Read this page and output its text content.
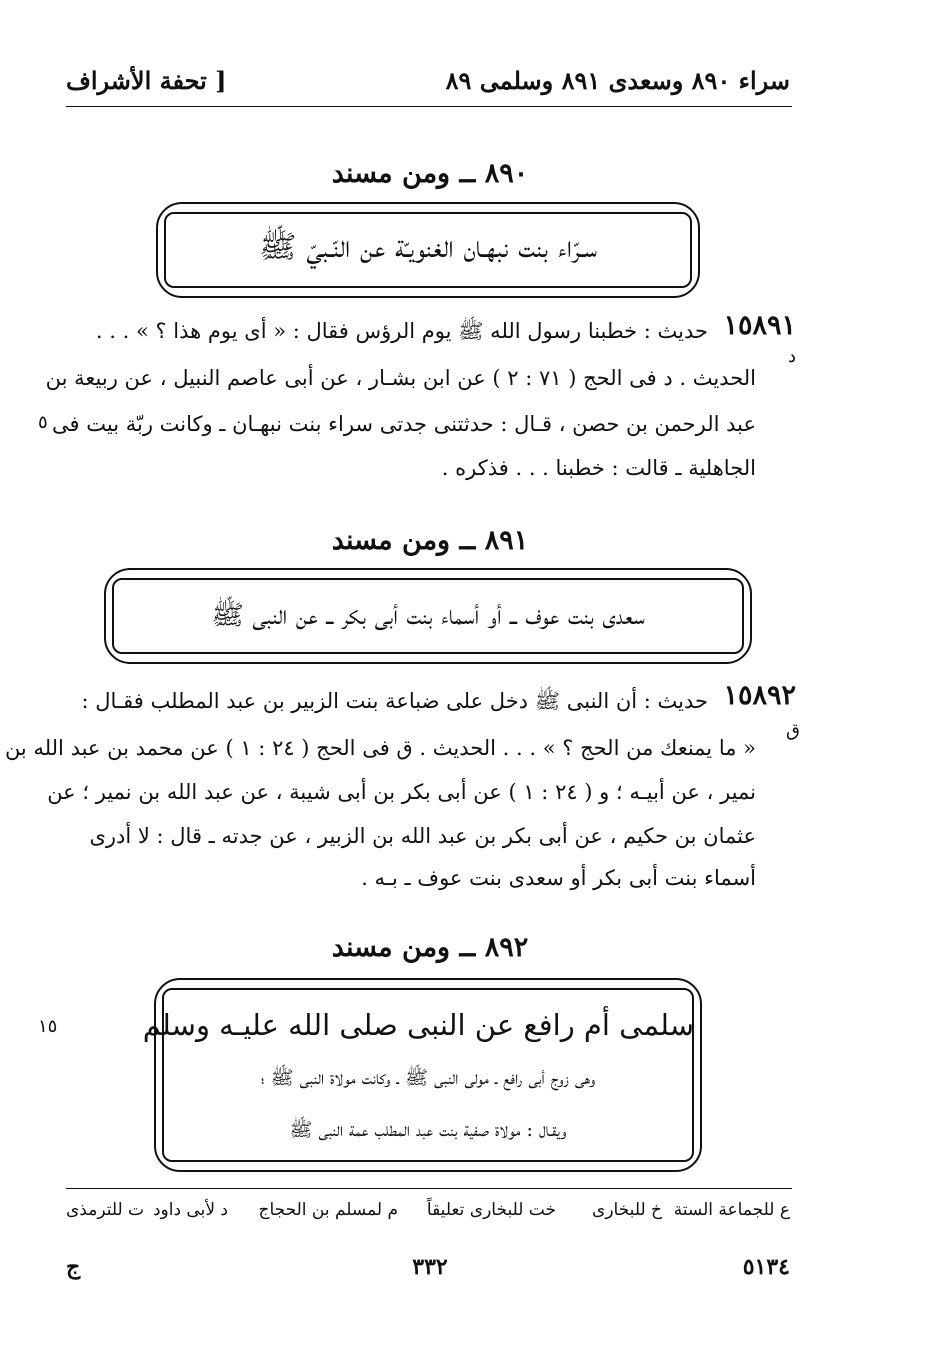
سراء ٨٩٠ وسعدى ٨٩١ وسلمى ٨٩
[ تحفة الأشراف
٨٩٠ ــ ومن مسند
سـرّاء بنت نبهـان الغنويـّة عن النّـبيّ ﷺ
١٥٨٩١
د
٥
حديث : خطبنا رسول الله ﷺ يوم الرؤس فقال : « أى يوم هذا ؟ » . . .
الحديث . د فى الحج ( ٧١ : ٢ ) عن ابن بشـار ، عن أبى عاصم النبيل ، عن ربيعة بن
عبد الرحمن بن حصن ، قـال : حدثتنى جدتى سراء بنت نبهـان ـ وكانت ربّة بيت فى
الجاهلية ـ قالت : خطبنا . . . فذكره .
٨٩١ ــ ومن مسند
سعدى بنت عوف ــ أو أسماء بنت أبى بكر ــ عن النبى ﷺ
١٥٨٩٢
ق
حديث : أن النبى ﷺ دخل على ضباعة بنت الزبير بن عبد المطلب فقـال :
« ما يمنعك من الحج ؟ » . . . الحديث . ق فى الحج ( ٢٤ : ١ ) عن محمد بن عبد الله بن
نمير ، عن أبيـه ؛ و ( ٢٤ : ١ ) عن أبى بكر بن أبى شيبة ، عن عبد الله بن نمير ؛ عن
عثمان بن حكيم ، عن أبى بكر بن عبد الله بن الزبير ، عن جدته ـ قال : لا أدرى
أسماء بنت أبى بكر أو سعدى بنت عوف ـ بـه .
٨٩٢ ــ ومن مسند
١٥	سلمى أم رافع عن النبى صلى الله عليـه وسلم
وهى زوج أبى رافع ـ مولى النبى ﷺ ـ وكانت مولاة النبى ﷺ ؛
ويقـال : مولاة صفية بنت عبد المطلب عمة النبى ﷺ
ع للجماعة الستة
خ للبخارى
خت للبخارى تعليقاً
م لمسلم بن الحجاج
د لأبى داود
ت للترمذى
ج	٣٣٢	٥١٣٤
